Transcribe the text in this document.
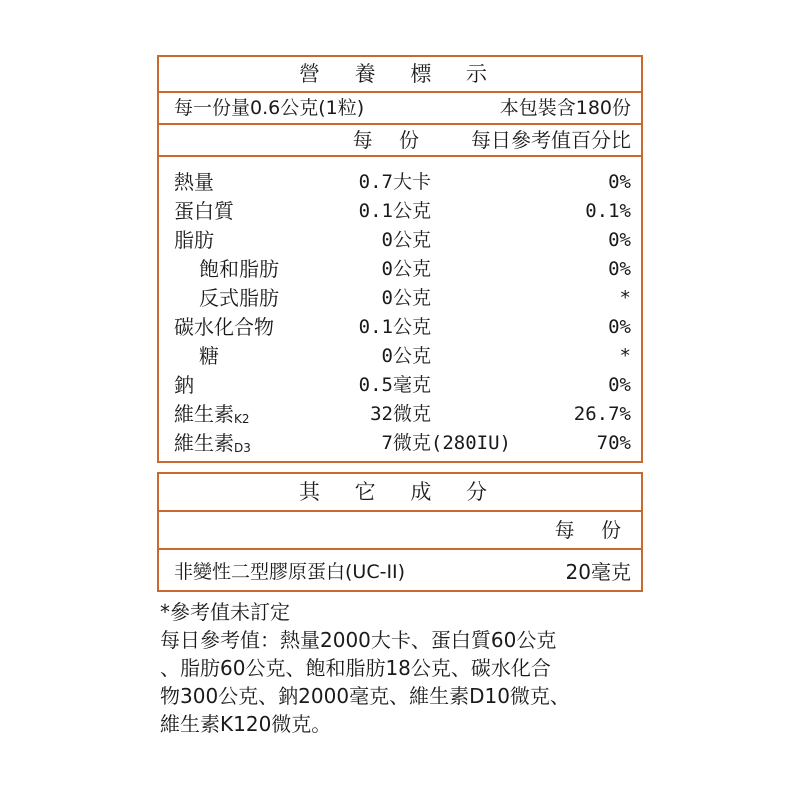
營 養 標 示
每一份量0.6公克(1粒)	本包裝含180份
每 份 每日參考值百分比
熱量	0.7大卡	0%
蛋白質	0.1公克	0.1%
脂肪	0公克	0%
飽和脂肪	0公克	0%
反式脂肪	0公克	*
碳水化合物	0.1公克	0%
糖	0公克	*
鈉	0.5毫克	0%
維生素$_{K2}$	32微克	26.7%
維生素$_{D3}$	7微克(280IU)	70%
其 它 成 分
每 份
非變性二型膠原蛋白(UC-II)	20毫克

*參考值未訂定

每日參考值：熱量2000大卡、蛋白質60公克

、脂肪60公克、飽和脂肪18公克、碳水化合

物300公克、鈉2000毫克、維生素D10微克、

維生素K120微克。
